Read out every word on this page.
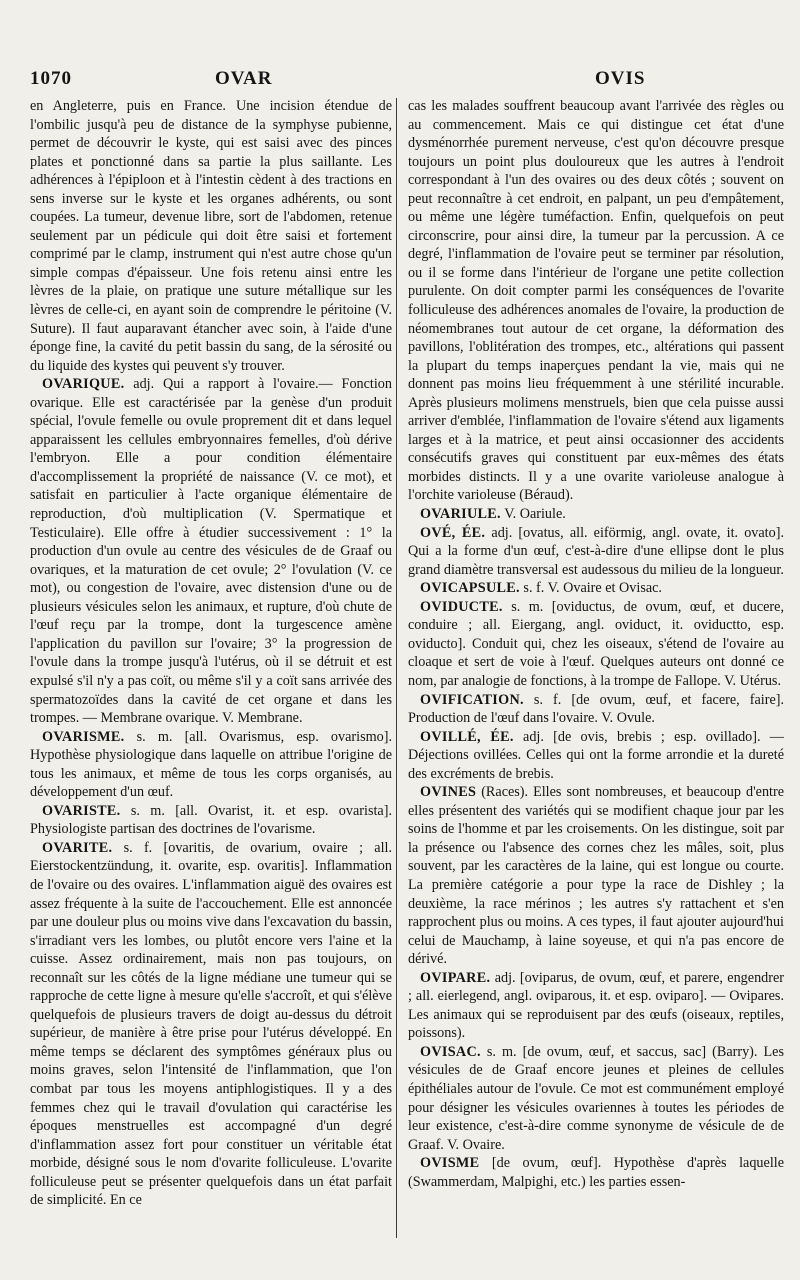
1070	OVAR	OVIS

en Angleterre, puis en France. Une incision étendue de l'ombilic jusqu'à peu de distance de la symphyse pubienne, permet de découvrir le kyste, qui est saisi avec des pinces plates et ponctionné dans sa partie la plus saillante. Les adhérences à l'épiploon et à l'intestin cèdent à des tractions en sens inverse sur le kyste et les organes adhérents, ou sont coupées. La tumeur, devenue libre, sort de l'abdomen, retenue seulement par un pédicule qui doit être saisi et fortement comprimé par le clamp, instrument qui n'est autre chose qu'un simple compas d'épaisseur. Une fois retenu ainsi entre les lèvres de la plaie, on pratique une suture métallique sur les lèvres de celle-ci, en ayant soin de comprendre le péritoine (V. Suture). Il faut auparavant étancher avec soin, à l'aide d'une éponge fine, la cavité du petit bassin du sang, de la sérosité ou du liquide des kystes qui peuvent s'y trouver.

OVARIQUE. adj. Qui a rapport à l'ovaire.— Fonction ovarique. Elle est caractérisée par la genèse d'un produit spécial, l'ovule femelle ou ovule proprement dit et dans lequel apparaissent les cellules embryonnaires femelles, d'où dérive l'embryon. Elle a pour condition élémentaire d'accomplissement la propriété de naissance (V. ce mot), et satisfait en particulier à l'acte organique élémentaire de reproduction, d'où multiplication (V. Spermatique et Testiculaire). Elle offre à étudier successivement : 1° la production d'un ovule au centre des vésicules de de Graaf ou ovariques, et la maturation de cet ovule; 2° l'ovulation (V. ce mot), ou congestion de l'ovaire, avec distension d'une ou de plusieurs vésicules selon les animaux, et rupture, d'où chute de l'œuf reçu par la trompe, dont la turgescence amène l'application du pavillon sur l'ovaire; 3° la progression de l'ovule dans la trompe jusqu'à l'utérus, où il se détruit et est expulsé s'il n'y a pas coït, ou même s'il y a coït sans arrivée des spermatozoïdes dans la cavité de cet organe et dans les trompes. — Membrane ovarique. V. Membrane.

OVARISME. s. m. [all. Ovarismus, esp. ovarismo]. Hypothèse physiologique dans laquelle on attribue l'origine de tous les animaux, et même de tous les corps organisés, au développement d'un œuf.

OVARISTE. s. m. [all. Ovarist, it. et esp. ovarista]. Physiologiste partisan des doctrines de l'ovarisme.

OVARITE. s. f. [ovaritis, de ovarium, ovaire ; all. Eierstockentzündung, it. ovarite, esp. ovaritis]. Inflammation de l'ovaire ou des ovaires. L'inflammation aiguë des ovaires est assez fréquente à la suite de l'accouchement. Elle est annoncée par une douleur plus ou moins vive dans l'excavation du bassin, s'irradiant vers les lombes, ou plutôt encore vers l'aine et la cuisse. Assez ordinairement, mais non pas toujours, on reconnaît sur les côtés de la ligne médiane une tumeur qui se rapproche de cette ligne à mesure qu'elle s'accroît, et qui s'élève quelquefois de plusieurs travers de doigt au-dessus du détroit supérieur, de manière à être prise pour l'utérus développé. En même temps se déclarent des symptômes généraux plus ou moins graves, selon l'intensité de l'inflammation, que l'on combat par tous les moyens antiphlogistiques. Il y a des femmes chez qui le travail d'ovulation qui caractérise les époques menstruelles est accompagné d'un degré d'inflammation assez fort pour constituer un véritable état morbide, désigné sous le nom d'ovarite folliculeuse. L'ovarite folliculeuse peut se présenter quelquefois dans un état parfait de simplicité. En ce

cas les malades souffrent beaucoup avant l'arrivée des règles ou au commencement. Mais ce qui distingue cet état d'une dysménorrhée purement nerveuse, c'est qu'on découvre presque toujours un point plus douloureux que les autres à l'endroit correspondant à l'un des ovaires ou des deux côtés ; souvent on peut reconnaître à cet endroit, en palpant, un peu d'empâtement, ou même une légère tuméfaction. Enfin, quelquefois on peut circonscrire, pour ainsi dire, la tumeur par la percussion. A ce degré, l'inflammation de l'ovaire peut se terminer par résolution, ou il se forme dans l'intérieur de l'organe une petite collection purulente. On doit compter parmi les conséquences de l'ovarite folliculeuse des adhérences anomales de l'ovaire, la production de néomembranes tout autour de cet organe, la déformation des pavillons, l'oblitération des trompes, etc., altérations qui passent la plupart du temps inaperçues pendant la vie, mais qui ne donnent pas moins lieu fréquemment à une stérilité incurable. Après plusieurs molimens menstruels, bien que cela puisse aussi arriver d'emblée, l'inflammation de l'ovaire s'étend aux ligaments larges et à la matrice, et peut ainsi occasionner des accidents consécutifs graves qui constituent par eux-mêmes des états morbides distincts. Il y a une ovarite varioleuse analogue à l'orchite varioleuse (Béraud).

OVARIULE. V. Oariule.

OVÉ, ÉE. adj. [ovatus, all. eiförmig, angl. ovate, it. ovato]. Qui a la forme d'un œuf, c'est-à-dire d'une ellipse dont le plus grand diamètre transversal est audessous du milieu de la longueur.

OVICAPSULE. s. f. V. Ovaire et Ovisac.

OVIDUCTE. s. m. [oviductus, de ovum, œuf, et ducere, conduire ; all. Eiergang, angl. oviduct, it. oviductto, esp. oviducto]. Conduit qui, chez les oiseaux, s'étend de l'ovaire au cloaque et sert de voie à l'œuf. Quelques auteurs ont donné ce nom, par analogie de fonctions, à la trompe de Fallope. V. Utérus.

OVIFICATION. s. f. [de ovum, œuf, et facere, faire]. Production de l'œuf dans l'ovaire. V. Ovule.

OVILLÉ, ÉE. adj. [de ovis, brebis ; esp. ovillado]. — Déjections ovillées. Celles qui ont la forme arrondie et la dureté des excréments de brebis.

OVINES (Races). Elles sont nombreuses, et beaucoup d'entre elles présentent des variétés qui se modifient chaque jour par les soins de l'homme et par les croisements. On les distingue, soit par la présence ou l'absence des cornes chez les mâles, soit, plus souvent, par les caractères de la laine, qui est longue ou courte. La première catégorie a pour type la race de Dishley ; la deuxième, la race mérinos ; les autres s'y rattachent et s'en rapprochent plus ou moins. A ces types, il faut ajouter aujourd'hui celui de Mauchamp, à laine soyeuse, et qui n'a pas encore de dérivé.

OVIPARE. adj. [oviparus, de ovum, œuf, et parere, engendrer ; all. eierlegend, angl. oviparous, it. et esp. oviparo]. — Ovipares. Les animaux qui se reproduisent par des œufs (oiseaux, reptiles, poissons).

OVISAC. s. m. [de ovum, œuf, et saccus, sac] (Barry). Les vésicules de de Graaf encore jeunes et pleines de cellules épithéliales autour de l'ovule. Ce mot est communément employé pour désigner les vésicules ovariennes à toutes les périodes de leur existence, c'est-à-dire comme synonyme de vésicule de de Graaf. V. Ovaire.

OVISME [de ovum, œuf]. Hypothèse d'après laquelle (Swammerdam, Malpighi, etc.) les parties essen-
